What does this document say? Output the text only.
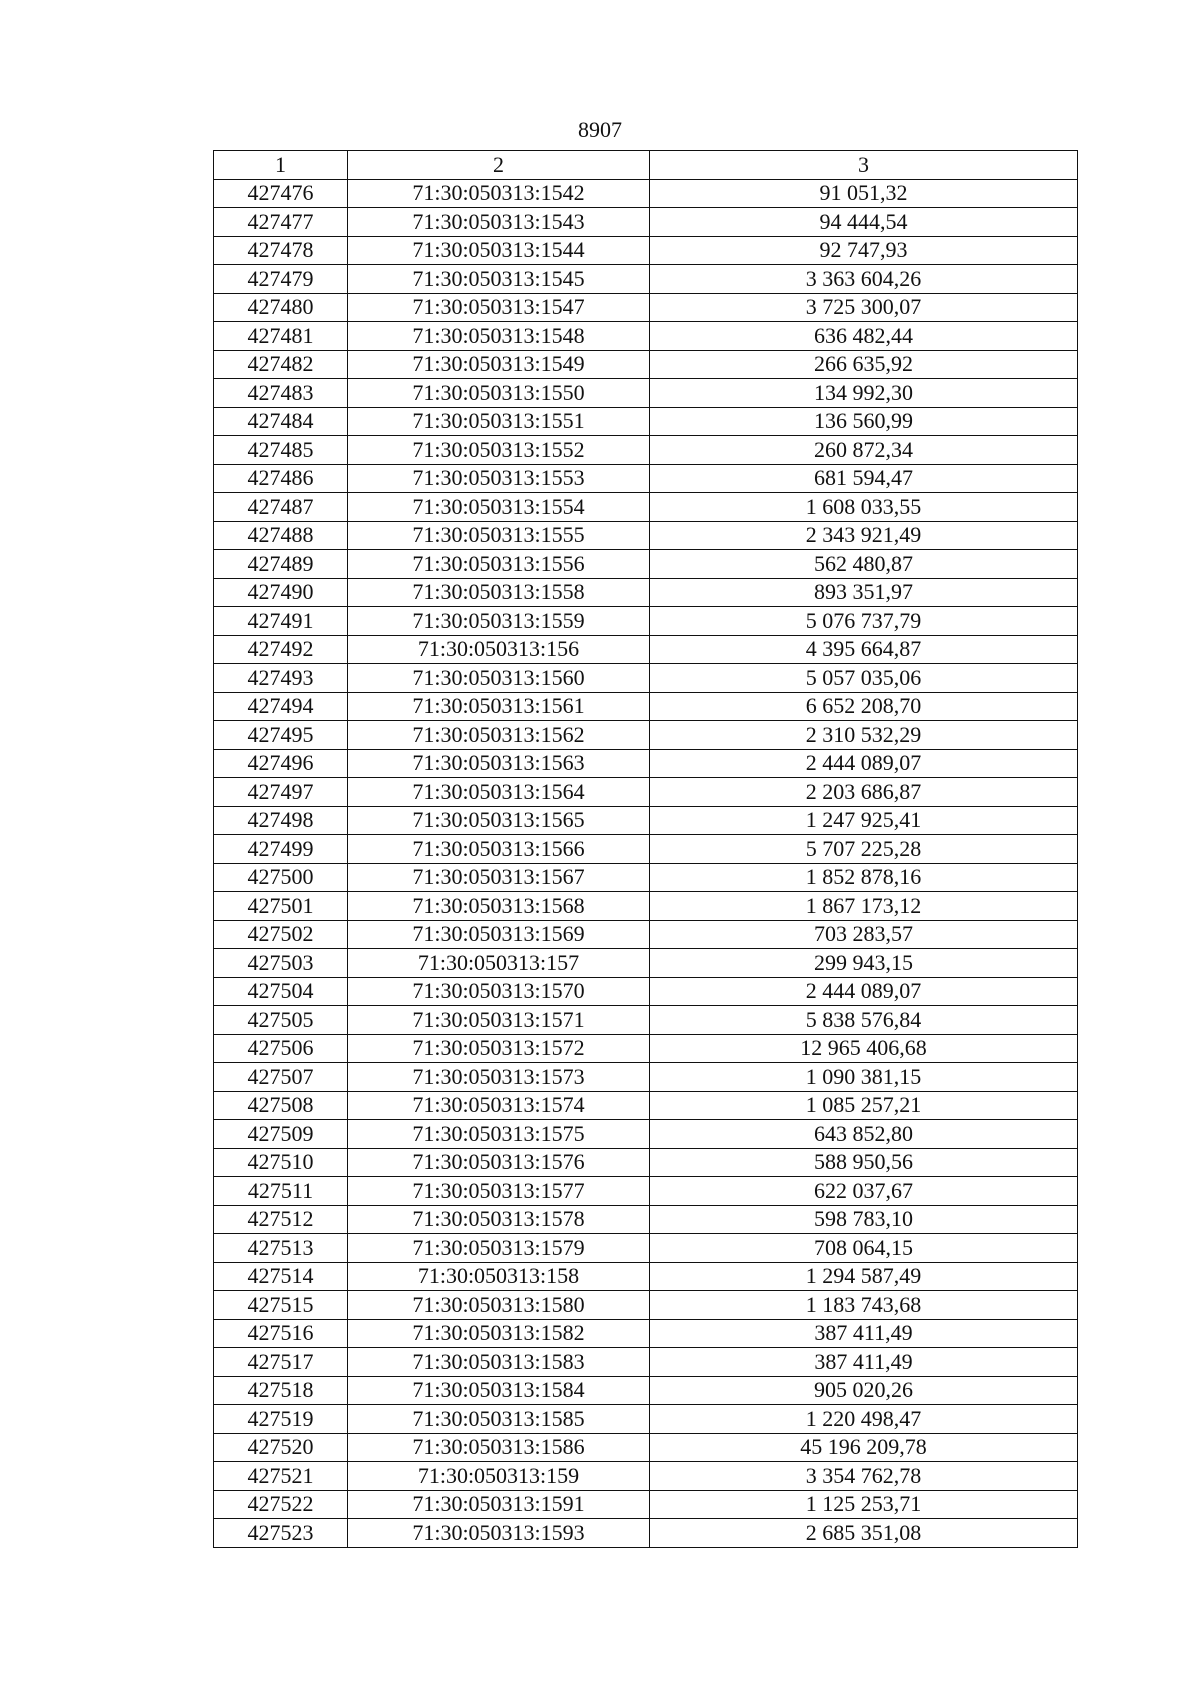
8907
1	2	3
427476	71:30:050313:1542	91 051,32
427477	71:30:050313:1543	94 444,54
427478	71:30:050313:1544	92 747,93
427479	71:30:050313:1545	3 363 604,26
427480	71:30:050313:1547	3 725 300,07
427481	71:30:050313:1548	636 482,44
427482	71:30:050313:1549	266 635,92
427483	71:30:050313:1550	134 992,30
427484	71:30:050313:1551	136 560,99
427485	71:30:050313:1552	260 872,34
427486	71:30:050313:1553	681 594,47
427487	71:30:050313:1554	1 608 033,55
427488	71:30:050313:1555	2 343 921,49
427489	71:30:050313:1556	562 480,87
427490	71:30:050313:1558	893 351,97
427491	71:30:050313:1559	5 076 737,79
427492	71:30:050313:156	4 395 664,87
427493	71:30:050313:1560	5 057 035,06
427494	71:30:050313:1561	6 652 208,70
427495	71:30:050313:1562	2 310 532,29
427496	71:30:050313:1563	2 444 089,07
427497	71:30:050313:1564	2 203 686,87
427498	71:30:050313:1565	1 247 925,41
427499	71:30:050313:1566	5 707 225,28
427500	71:30:050313:1567	1 852 878,16
427501	71:30:050313:1568	1 867 173,12
427502	71:30:050313:1569	703 283,57
427503	71:30:050313:157	299 943,15
427504	71:30:050313:1570	2 444 089,07
427505	71:30:050313:1571	5 838 576,84
427506	71:30:050313:1572	12 965 406,68
427507	71:30:050313:1573	1 090 381,15
427508	71:30:050313:1574	1 085 257,21
427509	71:30:050313:1575	643 852,80
427510	71:30:050313:1576	588 950,56
427511	71:30:050313:1577	622 037,67
427512	71:30:050313:1578	598 783,10
427513	71:30:050313:1579	708 064,15
427514	71:30:050313:158	1 294 587,49
427515	71:30:050313:1580	1 183 743,68
427516	71:30:050313:1582	387 411,49
427517	71:30:050313:1583	387 411,49
427518	71:30:050313:1584	905 020,26
427519	71:30:050313:1585	1 220 498,47
427520	71:30:050313:1586	45 196 209,78
427521	71:30:050313:159	3 354 762,78
427522	71:30:050313:1591	1 125 253,71
427523	71:30:050313:1593	2 685 351,08
